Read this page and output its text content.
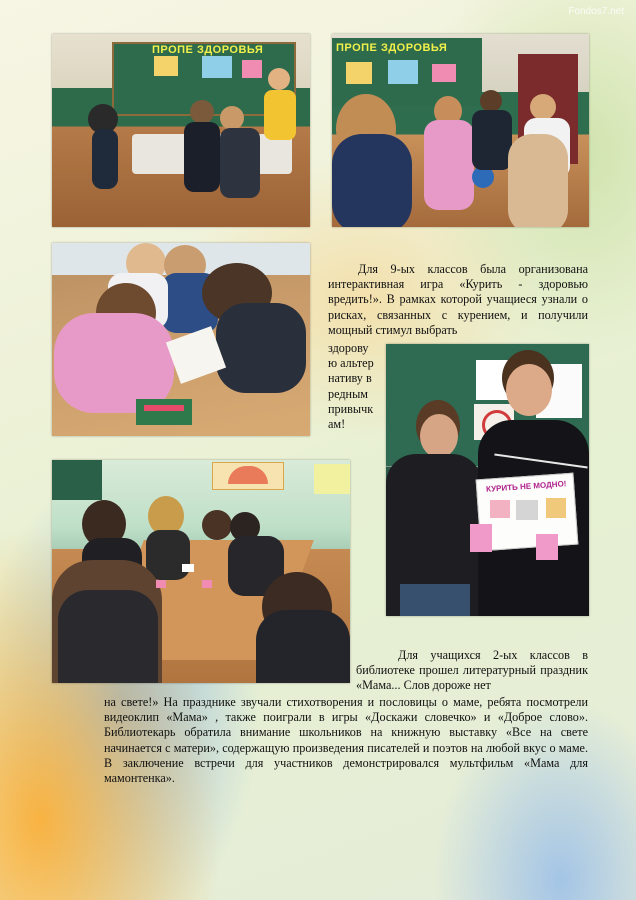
Fondos7.net
ПРОПЕ ЗДОРОВЬЯ	ПРОПЕ ЗДОРОВЬЯ
КУРИТЬ НЕ МОДНО!
Для 9-ых классов была организована интерактивная игра «Курить - здоровью вредить!». В рамках которой учащиеся узнали о рисках, связанных с курением, и получили мощный стимул выбрать
здоровую альтернативу вредным привычкам!
Для учащихся 2-ых классов в библиотеке прошел литературный праздник «Мама... Слов дороже нет
на свете!» На празднике звучали стихотворения и пословицы о маме, ребята посмотрели видеоклип «Мама» , также поиграли в игры «Доскажи словечко» и «Доброе слово». Библиотекарь обратила внимание школьников на книжную выставку «Все на свете начинается с матери», содержащую произведения писателей и поэтов на любой вкус о маме. В заключение встречи для участников демонстрировался мультфильм «Мама для мамонтенка».
